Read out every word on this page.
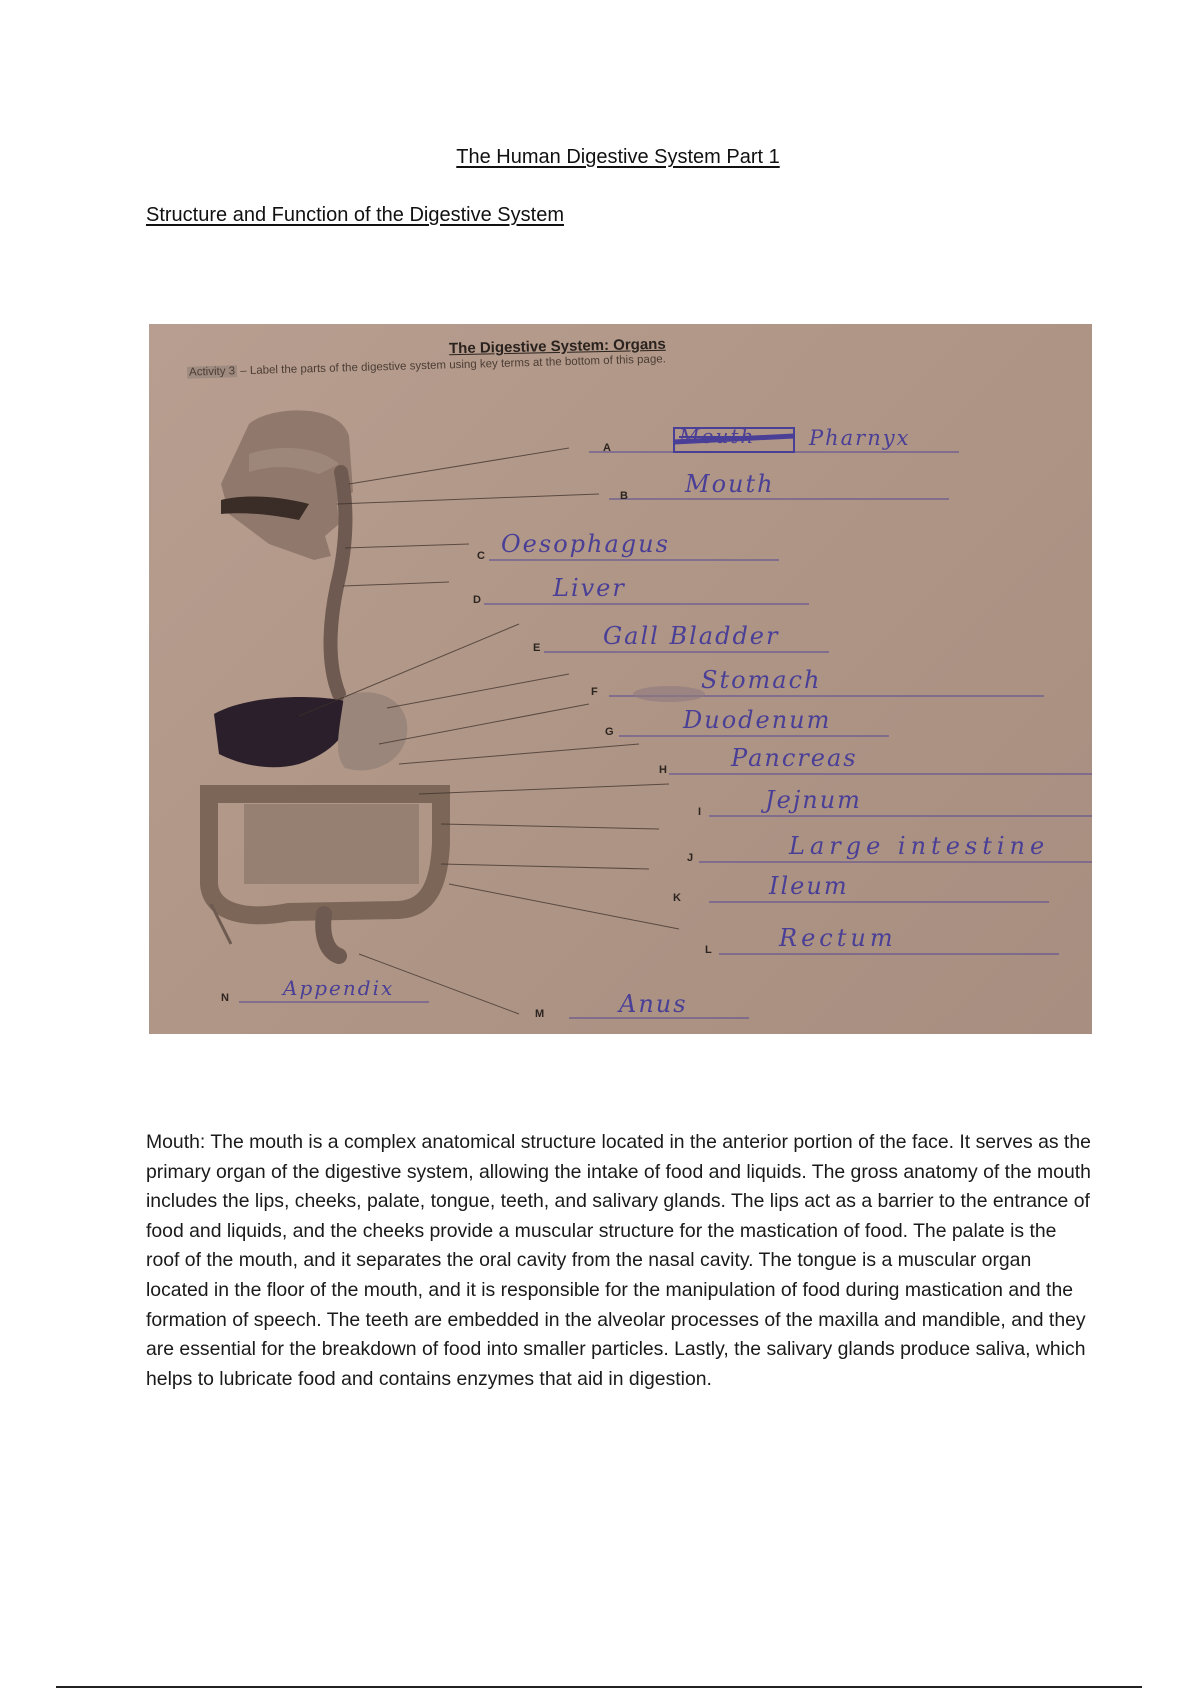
The Human Digestive System Part 1
Structure and Function of the Digestive System
The Digestive System: Organs
Activity 3 – Label the parts of the digestive system using key terms at the bottom of this page.
A
B
C
D
E
F
G
H
I
J
K
L
M
N
Mouth	Pharnyx
Mouth
Oesophagus
Liver
Gall Bladder
Stomach
Duodenum
Pancreas
Jejnum
Large intestine
Ileum
Rectum
Anus
Appendix
Mouth: The mouth is a complex anatomical structure located in the anterior portion of the face. It serves as the primary organ of the digestive system, allowing the intake of food and liquids. The gross anatomy of the mouth includes the lips, cheeks, palate, tongue, teeth, and salivary glands. The lips act as a barrier to the entrance of food and liquids, and the cheeks provide a muscular structure for the mastication of food. The palate is the roof of the mouth, and it separates the oral cavity from the nasal cavity. The tongue is a muscular organ located in the floor of the mouth, and it is responsible for the manipulation of food during mastication and the formation of speech. The teeth are embedded in the alveolar processes of the maxilla and mandible, and they are essential for the breakdown of food into smaller particles. Lastly, the salivary glands produce saliva, which helps to lubricate food and contains enzymes that aid in digestion.
